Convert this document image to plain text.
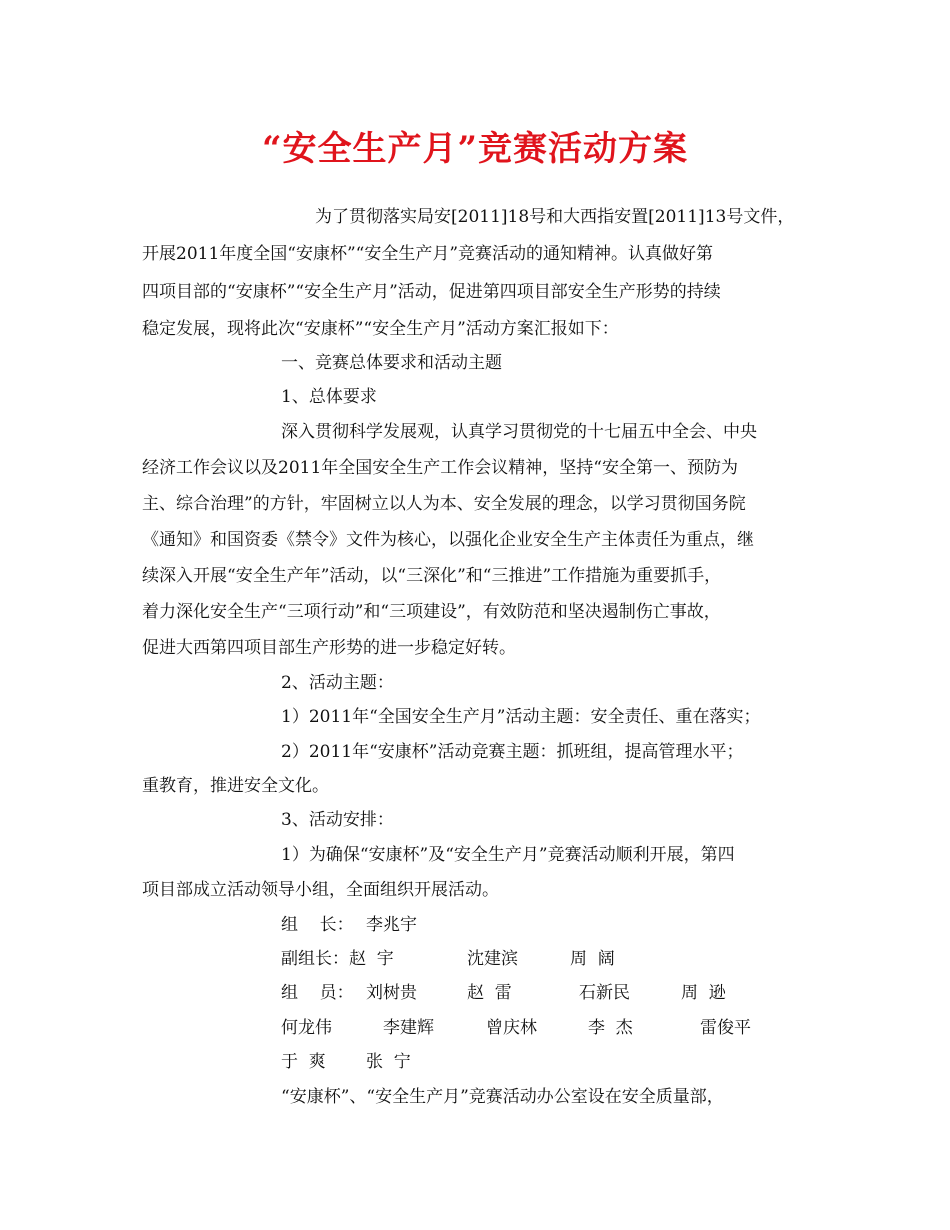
“安全生产月”竞赛活动方案
为了贯彻落实局安[2011]18号和大西指安置[2011]13号文件，
开展2011年度全国“安康杯”“安全生产月”竞赛活动的通知精神。认真做好第
四项目部的“安康杯”“安全生产月”活动，促进第四项目部安全生产形势的持续
稳定发展，现将此次“安康杯”“安全生产月”活动方案汇报如下：
一、竞赛总体要求和活动主题
1、总体要求
深入贯彻科学发展观，认真学习贯彻党的十七届五中全会、中央
经济工作会议以及2011年全国安全生产工作会议精神，坚持“安全第一、预防为
主、综合治理”的方针，牢固树立以人为本、安全发展的理念，以学习贯彻国务院
《通知》和国资委《禁令》文件为核心，以强化企业安全生产主体责任为重点，继
续深入开展“安全生产年”活动，以“三深化”和“三推进”工作措施为重要抓手，
着力深化安全生产“三项行动”和“三项建设”，有效防范和坚决遏制伤亡事故，
促进大西第四项目部生产形势的进一步稳定好转。
2、活动主题：
1）2011年“全国安全生产月”活动主题：安全责任、重在落实；
2）2011年“安康杯”活动竞赛主题：抓班组，提高管理水平；
重教育，推进安全文化。
3、活动安排：
1）为确保“安康杯”及“安全生产月”竞赛活动顺利开展，第四
项目部成立活动领导小组，全面组织开展活动。
组    长： 李兆宇
副组长： 赵  宇	沈建滨	周  阔
组    员： 刘树贵	赵  雷	石新民	周  逊
何龙伟	李建辉	曾庆林	李  杰	雷俊平
于  爽 张  宁
“安康杯”、“安全生产月”竞赛活动办公室设在安全质量部，
